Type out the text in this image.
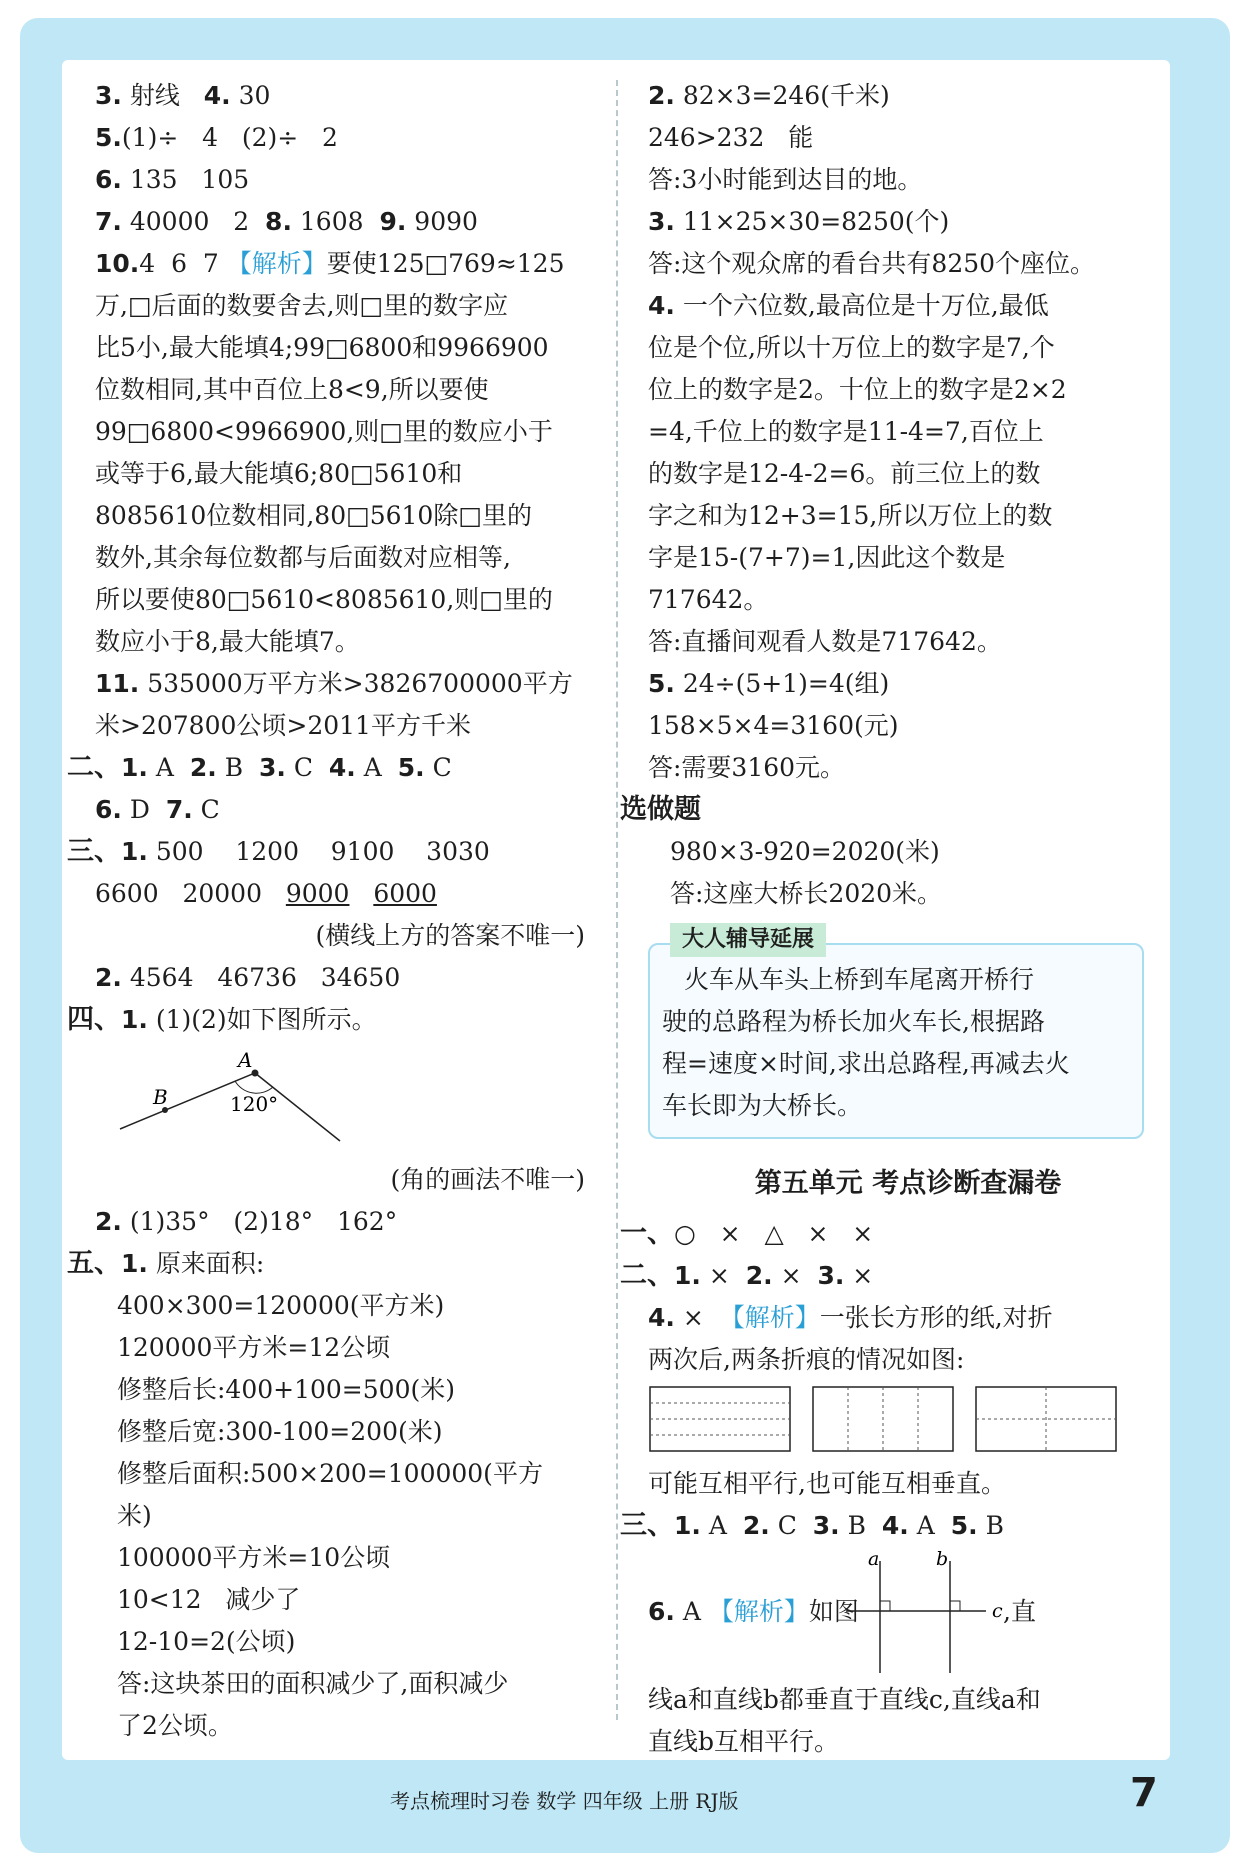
3. 射线 4. 30
5.(1)÷   4   (2)÷   2
6. 135   105
7. 40000   2 8. 1608 9. 9090
10.4  6  7 【解析】要使125□769≈125
万,□后面的数要舍去,则□里的数字应
比5小,最大能填4;99□6800和9966900
位数相同,其中百位上8<9,所以要使
99□6800<9966900,则□里的数应小于
或等于6,最大能填6;80□5610和
8085610位数相同,80□5610除□里的
数外,其余每位数都与后面数对应相等,
所以要使80□5610<8085610,则□里的
数应小于8,最大能填7。
11. 535000万平方米>3826700000平方
米>207800公顷>2011平方千米
二、1. A 2. B 3. C 4. A 5. C
6. D 7. C
三、1. 500    1200    9100    3030
6600   20000   9000 6000
(横线上方的答案不唯一)
2. 4564   46736   34650
四、1. (1)(2)如下图所示。
A
B	120°
(角的画法不唯一)
2. (1)35°   (2)18°   162°
五、1. 原来面积:
400×300=120000(平方米)
120000平方米=12公顷
修整后长:400+100=500(米)
修整后宽:300-100=200(米)
修整后面积:500×200=100000(平方
米)
100000平方米=10公顷
10<12   减少了
12-10=2(公顷)
答:这块茶田的面积减少了,面积减少
了2公顷。
2. 82×3=246(千米)
246>232   能
答:3小时能到达目的地。
3. 11×25×30=8250(个)
答:这个观众席的看台共有8250个座位。
4. 一个六位数,最高位是十万位,最低
位是个位,所以十万位上的数字是7,个
位上的数字是2。十位上的数字是2×2
=4,千位上的数字是11-4=7,百位上
的数字是12-4-2=6。前三位上的数
字之和为12+3=15,所以万位上的数
字是15-(7+7)=1,因此这个数是
717642。
答:直播间观看人数是717642。
5. 24÷(5+1)=4(组)
158×5×4=3160(元)
答:需要3160元。
选做题
980×3-920=2020(米)
答:这座大桥长2020米。
大人辅导延展
火车从车头上桥到车尾离开桥行
驶的总路程为桥长加火车长,根据路
程=速度×时间,求出总路程,再减去火
车长即为大桥长。
第五单元 考点诊断查漏卷
一、○   ×   △   ×   ×
二、1. × 2. × 3. ×
4. ×  【解析】一张长方形的纸,对折
两次后,两条折痕的情况如图:
可能互相平行,也可能互相垂直。
三、1. A 2. C 3. B 4. A 5. B
6. A 【解析】如图
a	b
c ,直
线a和直线b都垂直于直线c,直线a和
直线b互相平行。
考点梳理时习卷 数学 四年级 上册 RJ版	7
